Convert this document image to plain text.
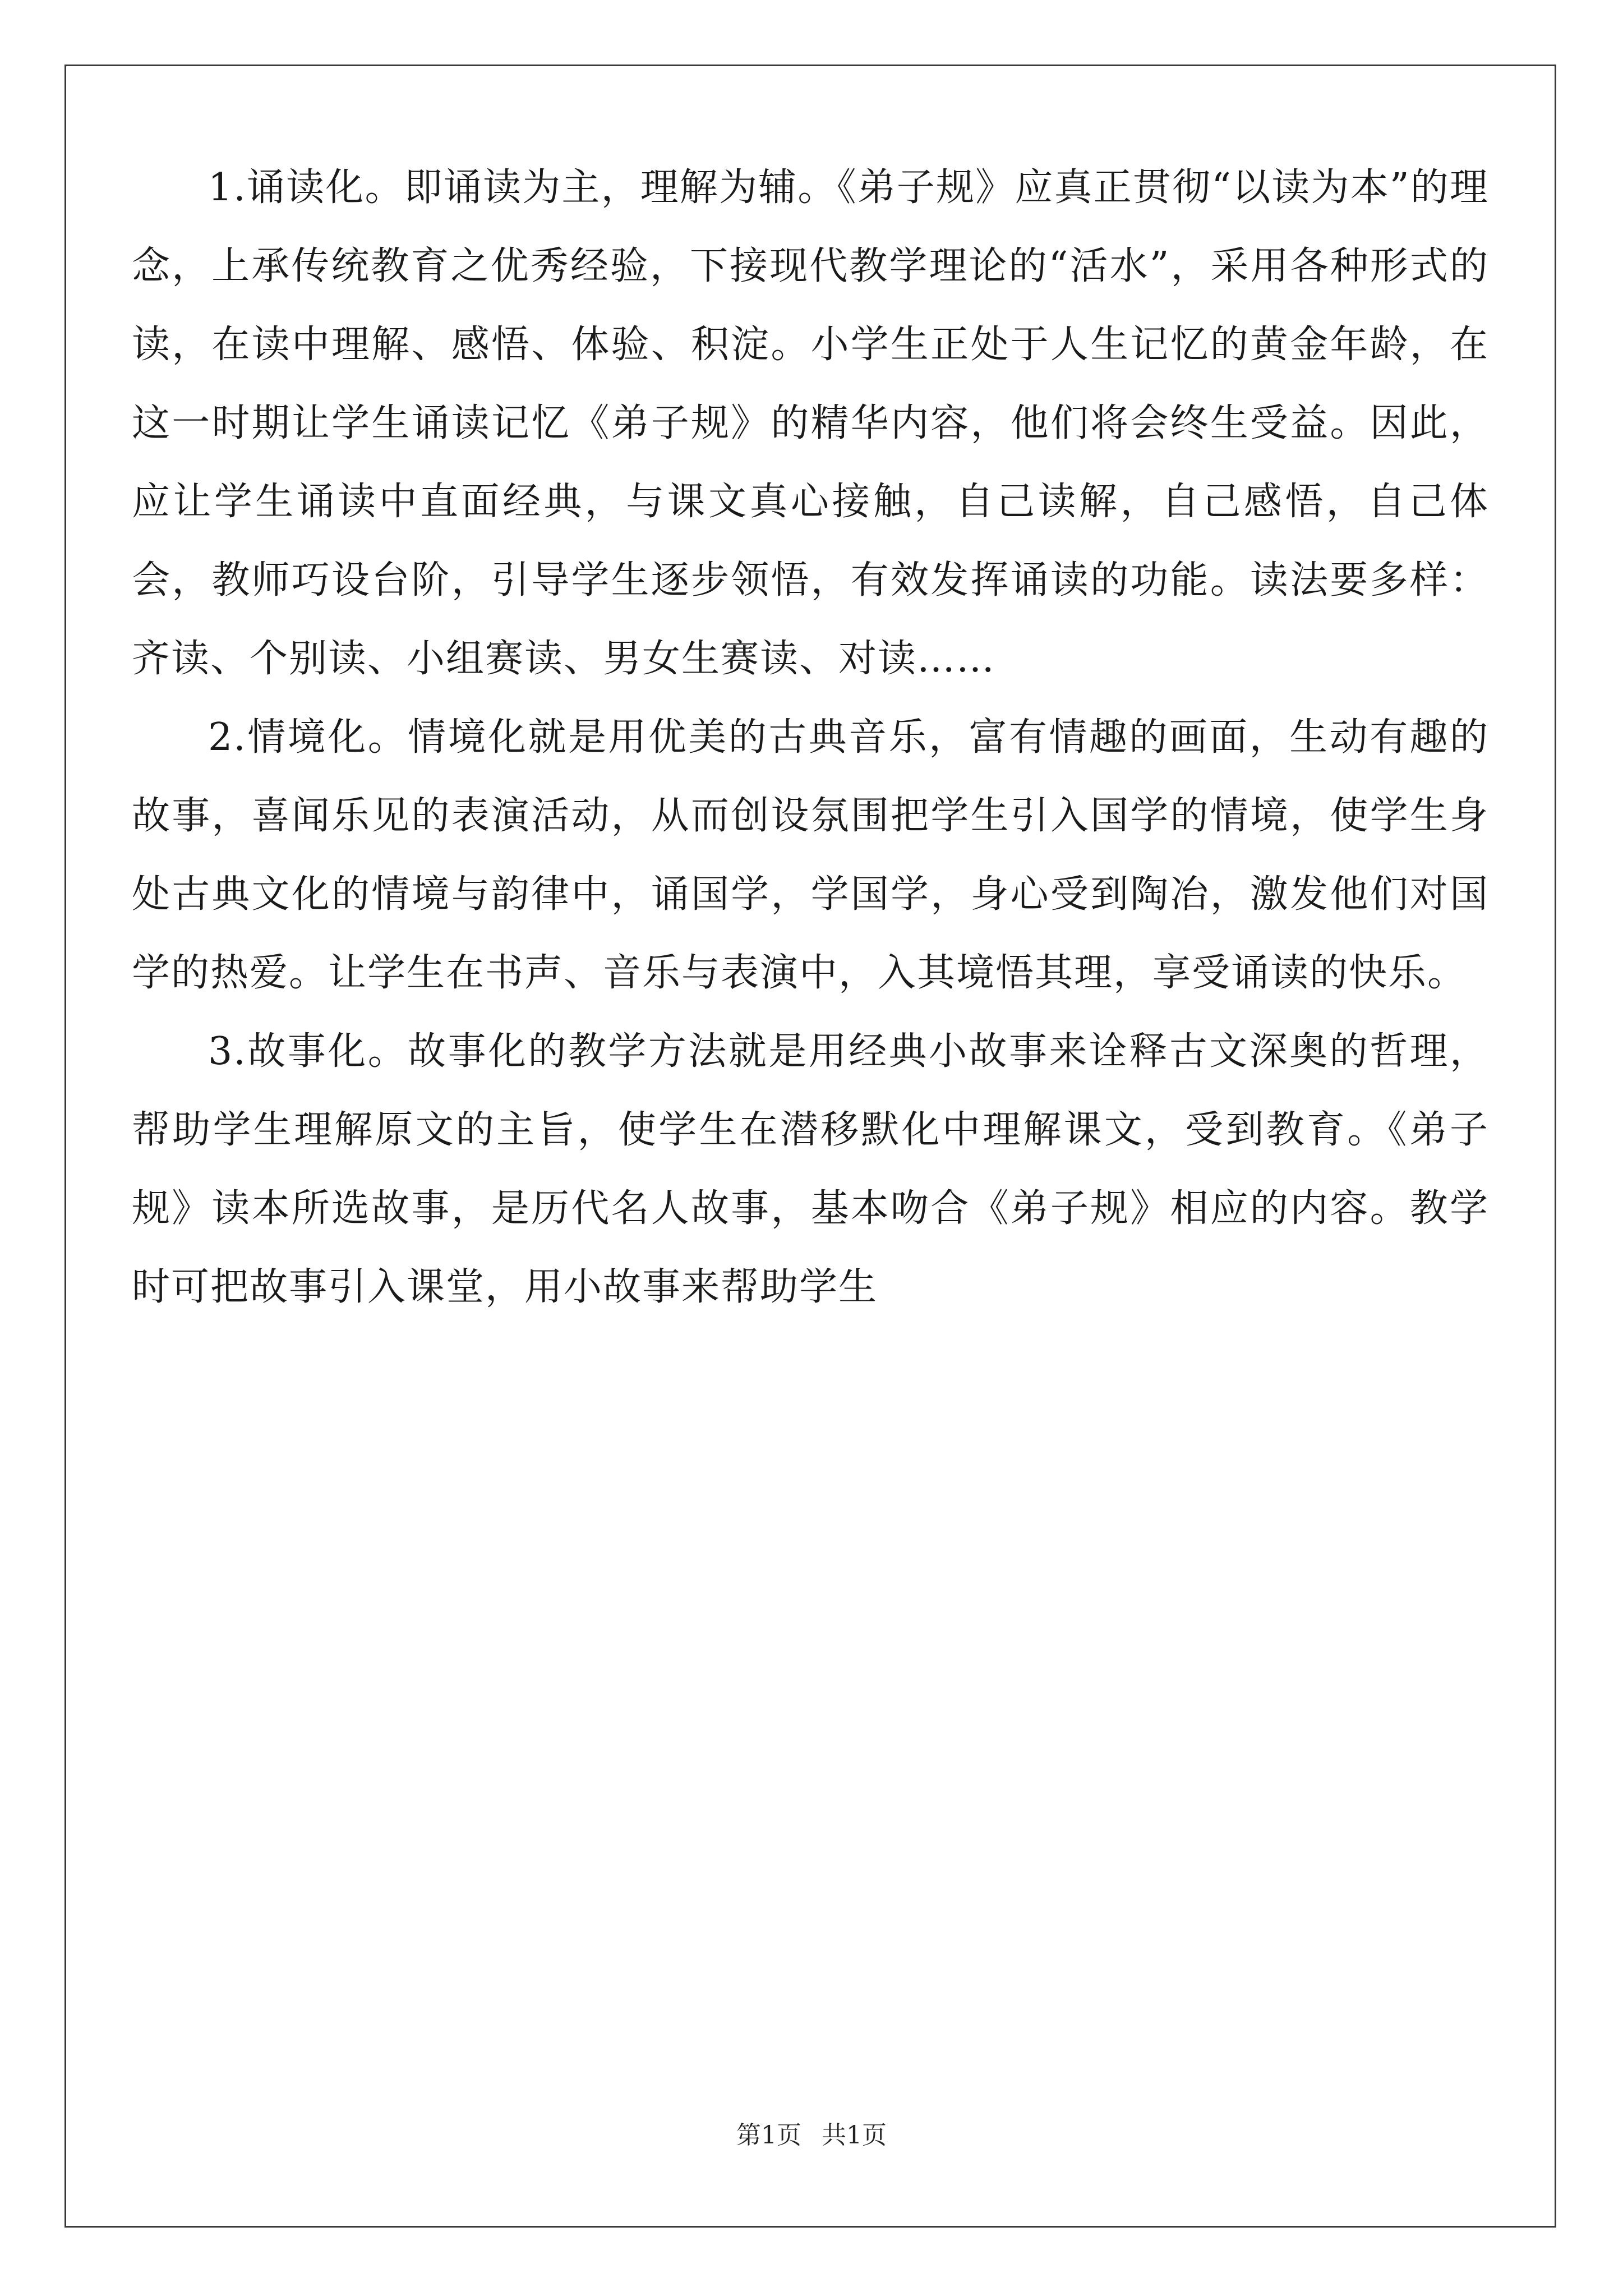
1.诵读化。即诵读为主，理解为辅。《弟子规》应真正贯彻“以读为本”的理念，上承传统教育之优秀经验，下接现代教学理论的“活水”，采用各种形式的读，在读中理解、感悟、体验、积淀。小学生正处于人生记忆的黄金年龄，在这一时期让学生诵读记忆《弟子规》的精华内容，他们将会终生受益。因此，应让学生诵读中直面经典，与课文真心接触，自己读解，自己感悟，自己体会，教师巧设台阶，引导学生逐步领悟，有效发挥诵读的功能。读法要多样：齐读、个别读、小组赛读、男女生赛读、对读……

2.情境化。情境化就是用优美的古典音乐，富有情趣的画面，生动有趣的故事，喜闻乐见的表演活动，从而创设氛围把学生引入国学的情境，使学生身处古典文化的情境与韵律中，诵国学，学国学，身心受到陶冶，激发他们对国学的热爱。让学生在书声、音乐与表演中，入其境悟其理，享受诵读的快乐。

3.故事化。故事化的教学方法就是用经典小故事来诠释古文深奥的哲理，帮助学生理解原文的主旨，使学生在潜移默化中理解课文，受到教育。《弟子规》读本所选故事，是历代名人故事，基本吻合《弟子规》相应的内容。教学时可把故事引入课堂，用小故事来帮助学生

第1页 共1页
